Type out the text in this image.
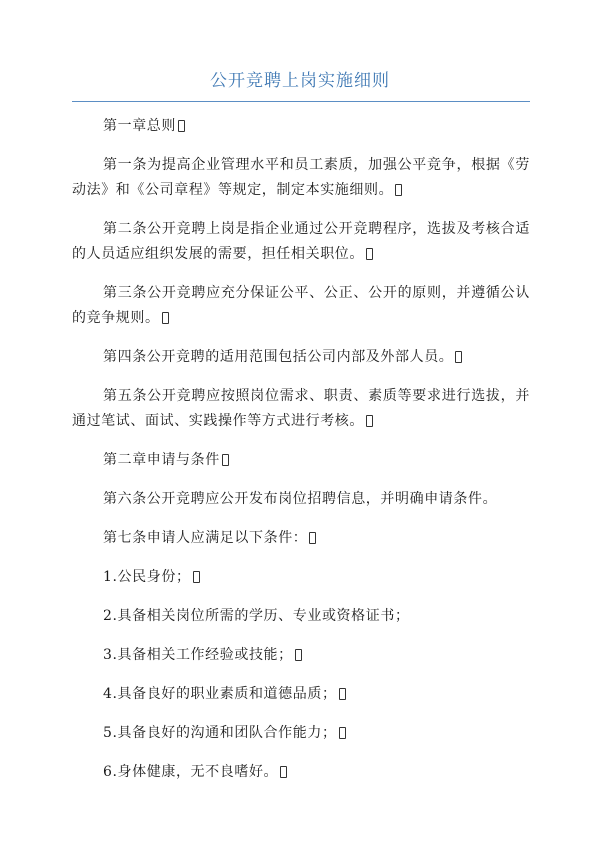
公开竞聘上岗实施细则

第一章总则

第一条为提高企业管理水平和员工素质，加强公平竞争，根据《劳动法》和《公司章程》等规定，制定本实施细则。

第二条公开竞聘上岗是指企业通过公开竞聘程序，选拔及考核合适的人员适应组织发展的需要，担任相关职位。

第三条公开竞聘应充分保证公平、公正、公开的原则，并遵循公认的竞争规则。

第四条公开竞聘的适用范围包括公司内部及外部人员。

第五条公开竞聘应按照岗位需求、职责、素质等要求进行选拔，并通过笔试、面试、实践操作等方式进行考核。

第二章申请与条件

第六条公开竞聘应公开发布岗位招聘信息，并明确申请条件。

第七条申请人应满足以下条件：

1.公民身份；

2.具备相关岗位所需的学历、专业或资格证书；

3.具备相关工作经验或技能；

4.具备良好的职业素质和道德品质；

5.具备良好的沟通和团队合作能力；

6.身体健康，无不良嗜好。
